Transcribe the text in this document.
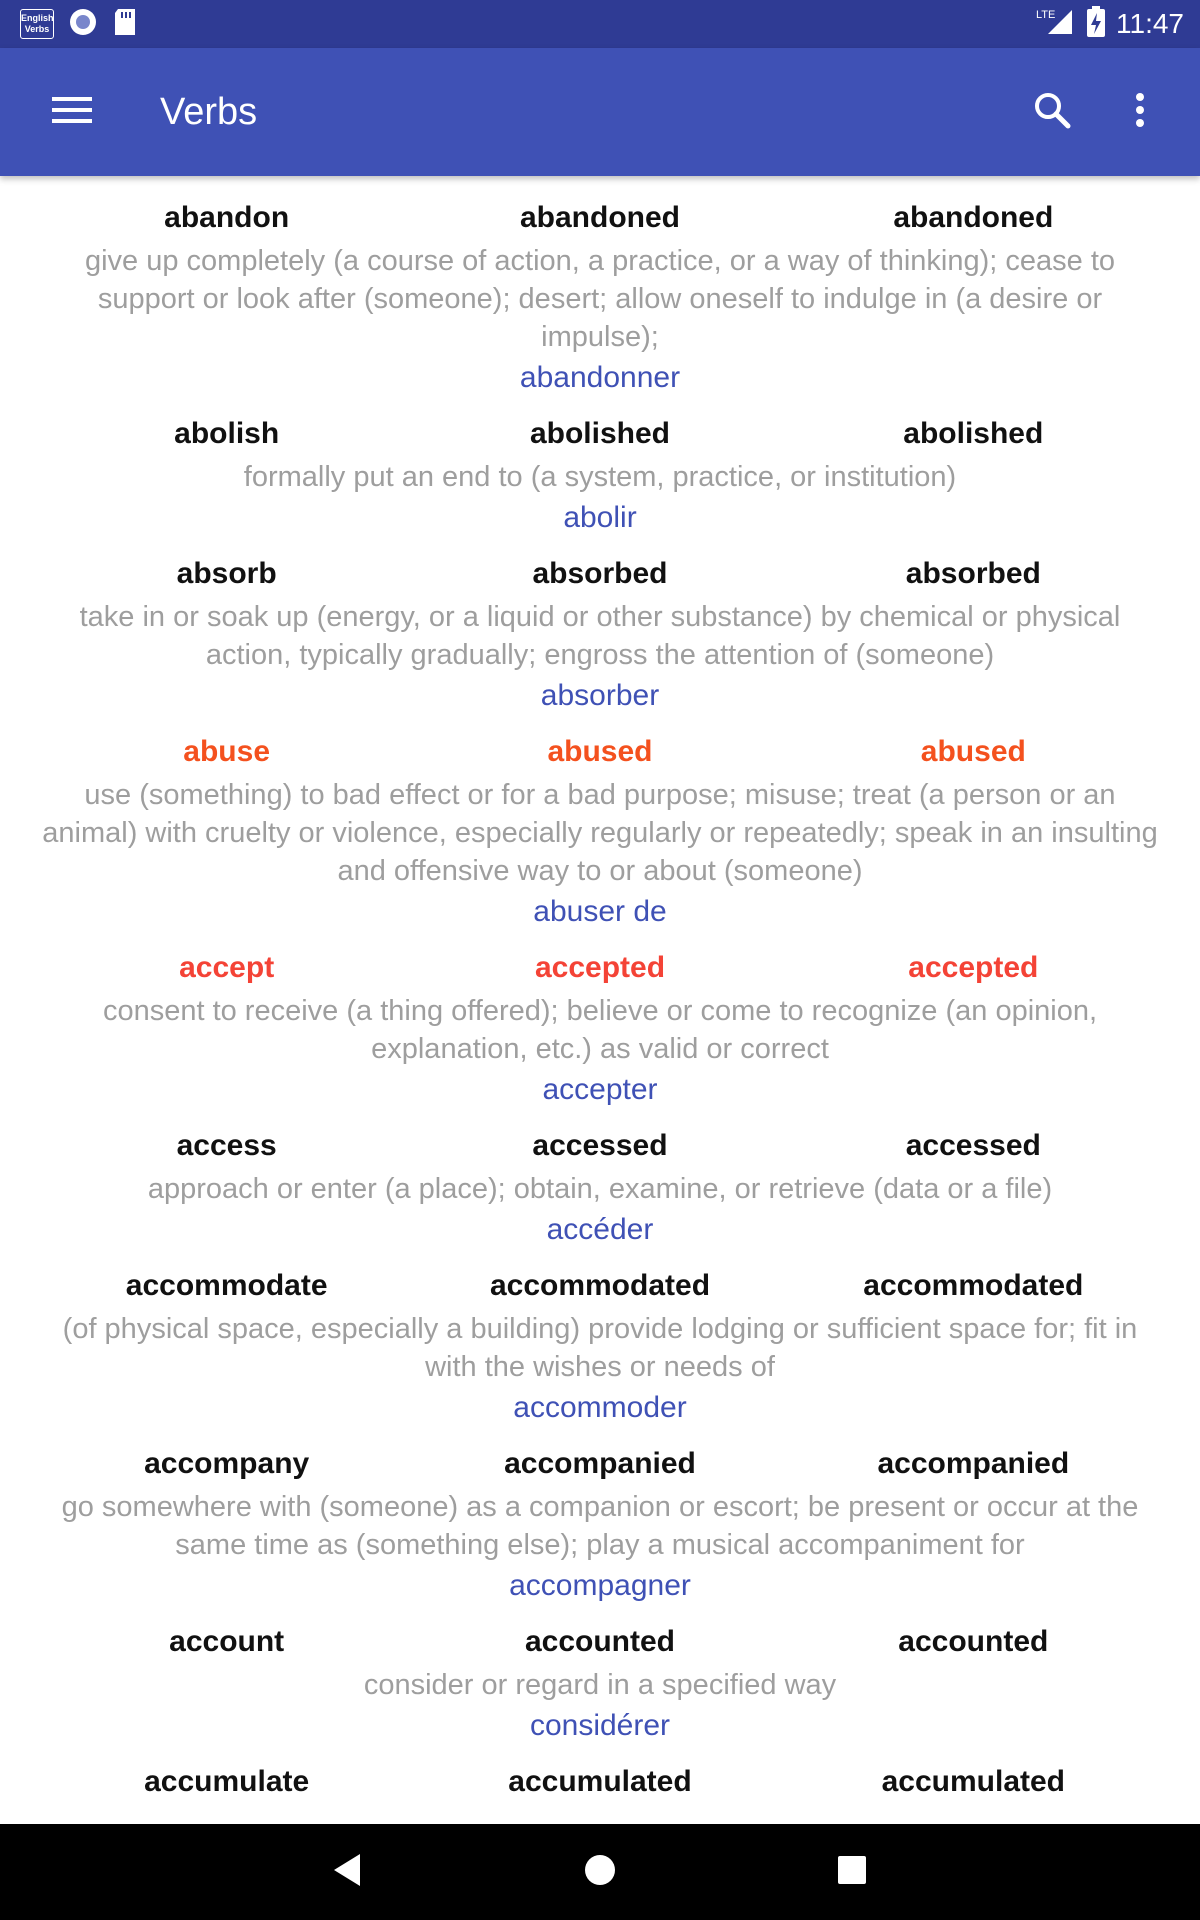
English
Verbs
LTE 11:47
Verbs
abandon	abandoned	abandoned
give up completely (a course of action, a practice, or a way of thinking); cease to support or look after (someone); desert; allow oneself to indulge in (a desire or impulse);
abandonner
abolish	abolished	abolished
formally put an end to (a system, practice, or institution)
abolir
absorb	absorbed	absorbed
take in or soak up (energy, or a liquid or other substance) by chemical or physical action, typically gradually; engross the attention of (someone)
absorber
abuse	abused	abused
use (something) to bad effect or for a bad purpose; misuse; treat (a person or an animal) with cruelty or violence, especially regularly or repeatedly; speak in an insulting and offensive way to or about (someone)
abuser de
accept	accepted	accepted
consent to receive (a thing offered); believe or come to recognize (an opinion, explanation, etc.) as valid or correct
accepter
access	accessed	accessed
approach or enter (a place); obtain, examine, or retrieve (data or a file)
accéder
accommodate	accommodated	accommodated
(of physical space, especially a building) provide lodging or sufficient space for; fit in with the wishes or needs of
accommoder
accompany	accompanied	accompanied
go somewhere with (someone) as a companion or escort; be present or occur at the same time as (something else); play a musical accompaniment for
accompagner
account	accounted	accounted
consider or regard in a specified way
considérer
accumulate	accumulated	accumulated
